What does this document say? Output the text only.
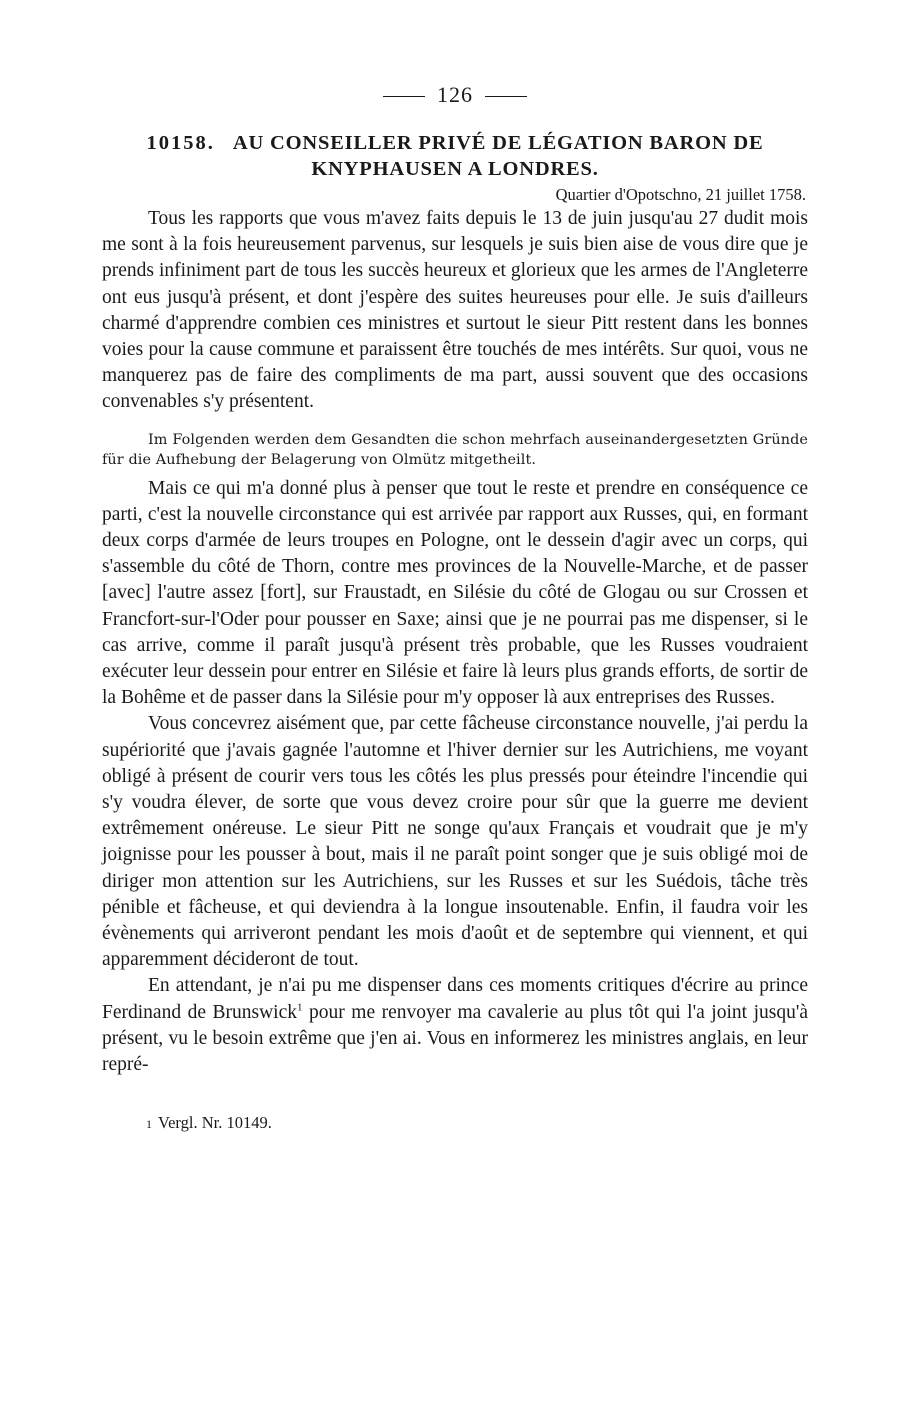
126
10158. AU CONSEILLER PRIVÉ DE LÉGATION BARON DE
KNYPHAUSEN A LONDRES.
Quartier d'Opotschno, 21 juillet 1758.

Tous les rapports que vous m'avez faits depuis le 13 de juin jusqu'au 27 dudit mois me sont à la fois heureusement parvenus, sur lesquels je suis bien aise de vous dire que je prends infiniment part de tous les succès heureux et glorieux que les armes de l'Angleterre ont eus jusqu'à présent, et dont j'espère des suites heureuses pour elle. Je suis d'ailleurs charmé d'apprendre combien ces ministres et surtout le sieur Pitt restent dans les bonnes voies pour la cause commune et paraissent être touchés de mes intérêts. Sur quoi, vous ne manquerez pas de faire des compliments de ma part, aussi souvent que des occasions convenables s'y présentent.

Im Folgenden werden dem Gesandten die schon mehrfach auseinandergesetzten Gründe für die Aufhebung der Belagerung von Olmütz mitgetheilt.

Mais ce qui m'a donné plus à penser que tout le reste et prendre en conséquence ce parti, c'est la nouvelle circonstance qui est arrivée par rapport aux Russes, qui, en formant deux corps d'armée de leurs troupes en Pologne, ont le dessein d'agir avec un corps, qui s'assemble du côté de Thorn, contre mes provinces de la Nouvelle-Marche, et de passer [avec] l'autre assez [fort], sur Fraustadt, en Silésie du côté de Glogau ou sur Crossen et Francfort-sur-l'Oder pour pousser en Saxe; ainsi que je ne pourrai pas me dispenser, si le cas arrive, comme il paraît jusqu'à présent très probable, que les Russes voudraient exécuter leur dessein pour entrer en Silésie et faire là leurs plus grands efforts, de sortir de la Bohême et de passer dans la Silésie pour m'y opposer là aux entreprises des Russes.

Vous concevrez aisément que, par cette fâcheuse circonstance nouvelle, j'ai perdu la supériorité que j'avais gagnée l'automne et l'hiver dernier sur les Autrichiens, me voyant obligé à présent de courir vers tous les côtés les plus pressés pour éteindre l'incendie qui s'y voudra élever, de sorte que vous devez croire pour sûr que la guerre me devient extrêmement onéreuse. Le sieur Pitt ne songe qu'aux Français et voudrait que je m'y joignisse pour les pousser à bout, mais il ne paraît point songer que je suis obligé moi de diriger mon attention sur les Autrichiens, sur les Russes et sur les Suédois, tâche très pénible et fâcheuse, et qui deviendra à la longue insoutenable. Enfin, il faudra voir les évènements qui arriveront pendant les mois d'août et de septembre qui viennent, et qui apparemment décideront de tout.

En attendant, je n'ai pu me dispenser dans ces moments critiques d'écrire au prince Ferdinand de Brunswick$^1$ pour me renvoyer ma cavalerie au plus tôt qui l'a joint jusqu'à présent, vu le besoin extrême que j'en ai. Vous en informerez les ministres anglais, en leur repré-

1 Vergl. Nr. 10149.
